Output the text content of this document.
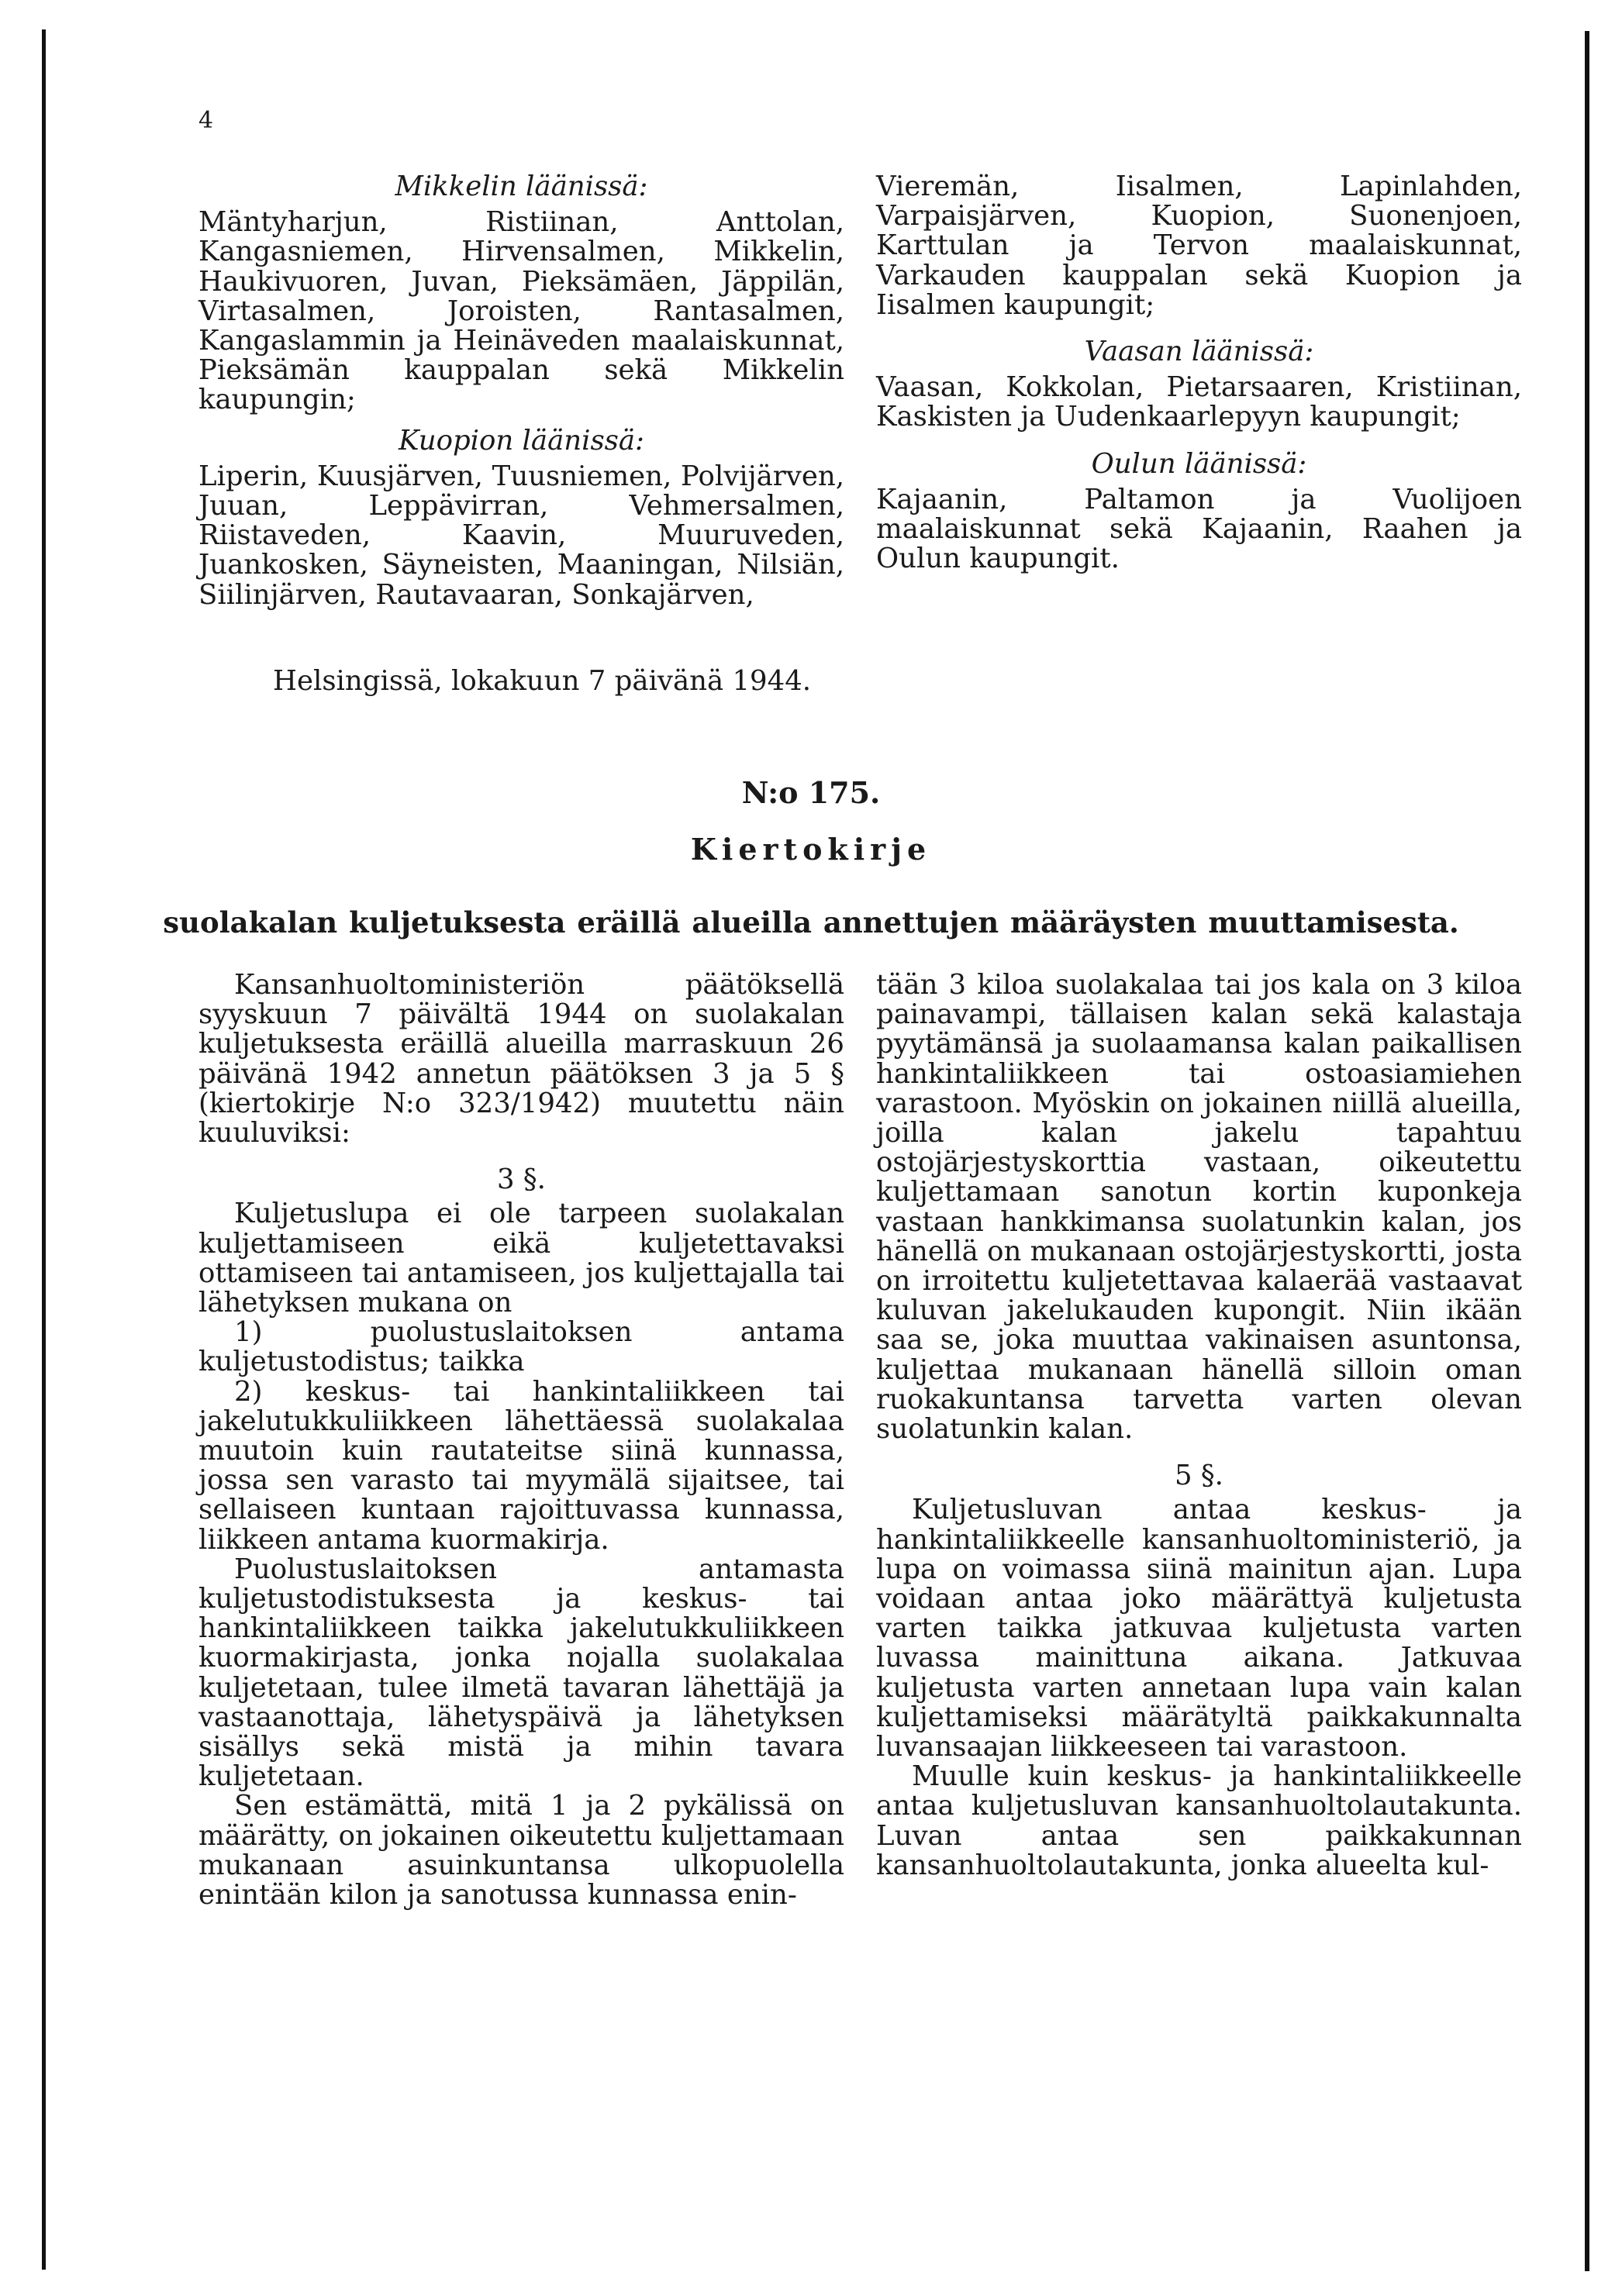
4

Mikkelin läänissä:

Mäntyharjun, Ristiinan, Anttolan, Kangasniemen, Hirvensalmen, Mikkelin, Haukivuoren, Juvan, Pieksämäen, Jäppilän, Virtasalmen, Joroisten, Rantasalmen, Kangaslammin ja Heinäveden maalaiskunnat, Pieksämän kauppalan sekä Mikkelin kaupungin;

Kuopion läänissä:

Liperin, Kuusjärven, Tuusniemen, Polvijärven, Juuan, Leppävirran, Vehmersalmen, Riistaveden, Kaavin, Muuruveden, Juankosken, Säyneisten, Maaningan, Nilsiän, Siilinjärven, Rautavaaran, Sonkajärven,

Vieremän, Iisalmen, Lapinlahden, Varpaisjärven, Kuopion, Suonenjoen, Karttulan ja Tervon maalaiskunnat, Varkauden kauppalan sekä Kuopion ja Iisalmen kaupungit;

Vaasan läänissä:

Vaasan, Kokkolan, Pietarsaaren, Kristiinan, Kaskisten ja Uudenkaarlepyyn kaupungit;

Oulun läänissä:

Kajaanin, Paltamon ja Vuolijoen maalaiskunnat sekä Kajaanin, Raahen ja Oulun kaupungit.

Helsingissä, lokakuun 7 päivänä 1944.
N:o 175.
Kiertokirje
suolakalan kuljetuksesta eräillä alueilla annettujen määräysten muuttamisesta.

Kansanhuoltoministeriön päätöksellä syyskuun 7 päivältä 1944 on suolakalan kuljetuksesta eräillä alueilla marraskuun 26 päivänä 1942 annetun päätöksen 3 ja 5 § (kiertokirje N:o 323/1942) muutettu näin kuuluviksi:

3 §.

Kuljetuslupa ei ole tarpeen suolakalan kuljettamiseen eikä kuljetettavaksi ottamiseen tai antamiseen, jos kuljettajalla tai lähetyksen mukana on

1) puolustuslaitoksen antama kuljetustodistus; taikka

2) keskus- tai hankintaliikkeen tai jakelutukkuliikkeen lähettäessä suolakalaa muutoin kuin rautateitse siinä kunnassa, jossa sen varasto tai myymälä sijaitsee, tai sellaiseen kuntaan rajoittuvassa kunnassa, liikkeen antama kuormakirja.

Puolustuslaitoksen antamasta kuljetustodistuksesta ja keskus- tai hankintaliikkeen taikka jakelutukkuliikkeen kuormakirjasta, jonka nojalla suolakalaa kuljetetaan, tulee ilmetä tavaran lähettäjä ja vastaanottaja, lähetyspäivä ja lähetyksen sisällys sekä mistä ja mihin tavara kuljetetaan.

Sen estämättä, mitä 1 ja 2 pykälissä on määrätty, on jokainen oikeutettu kuljettamaan mukanaan asuinkuntansa ulkopuolella enintään kilon ja sanotussa kunnassa enin-

tään 3 kiloa suolakalaa tai jos kala on 3 kiloa painavampi, tällaisen kalan sekä kalastaja pyytämänsä ja suolaamansa kalan paikallisen hankintaliikkeen tai ostoasiamiehen varastoon. Myöskin on jokainen niillä alueilla, joilla kalan jakelu tapahtuu ostojärjestyskorttia vastaan, oikeutettu kuljettamaan sanotun kortin kuponkeja vastaan hankkimansa suolatunkin kalan, jos hänellä on mukanaan ostojärjestyskortti, josta on irroitettu kuljetettavaa kalaerää vastaavat kuluvan jakelukauden kupongit. Niin ikään saa se, joka muuttaa vakinaisen asuntonsa, kuljettaa mukanaan hänellä silloin oman ruokakuntansa tarvetta varten olevan suolatunkin kalan.

5 §.

Kuljetusluvan antaa keskus- ja hankintaliikkeelle kansanhuoltoministeriö, ja lupa on voimassa siinä mainitun ajan. Lupa voidaan antaa joko määrättyä kuljetusta varten taikka jatkuvaa kuljetusta varten luvassa mainittuna aikana. Jatkuvaa kuljetusta varten annetaan lupa vain kalan kuljettamiseksi määrätyltä paikkakunnalta luvansaajan liikkeeseen tai varastoon.

Muulle kuin keskus- ja hankintaliikkeelle antaa kuljetusluvan kansanhuoltolautakunta. Luvan antaa sen paikkakunnan kansanhuoltolautakunta, jonka alueelta kul-
